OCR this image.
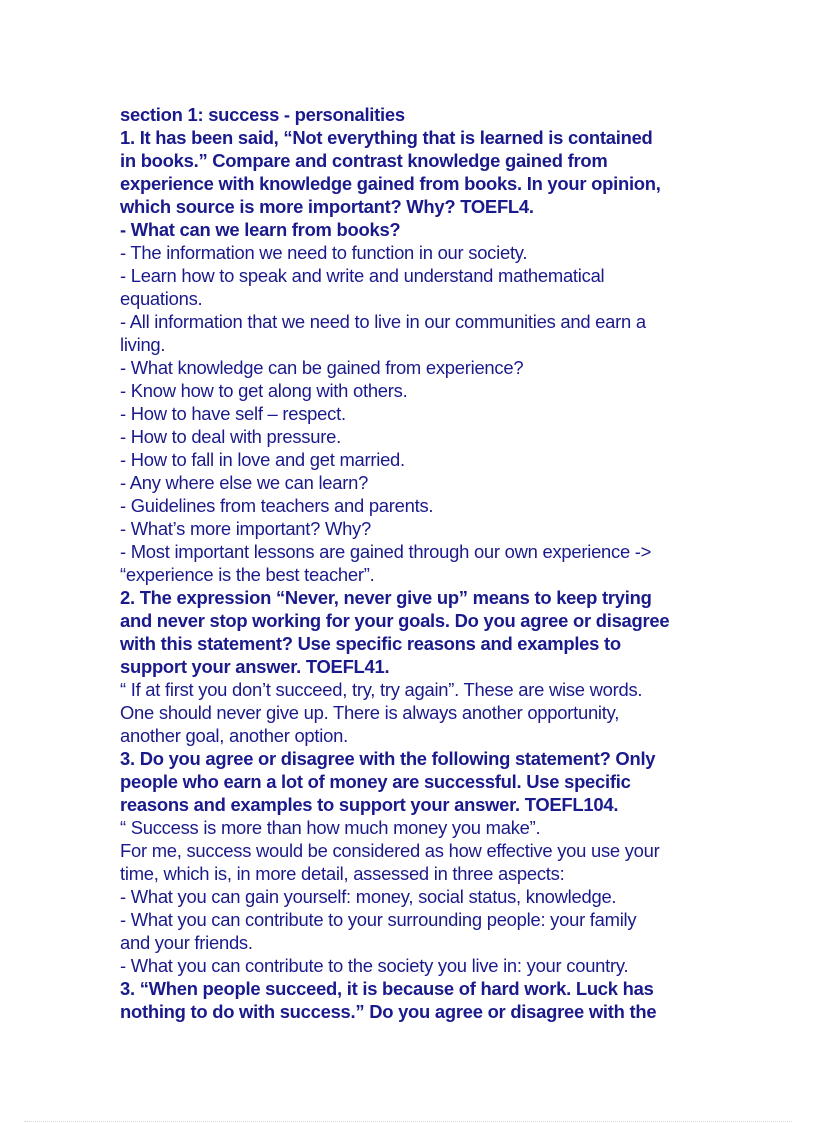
section 1: success - personalities
1. It has been said, “Not everything that is learned is contained
in books.” Compare and contrast knowledge gained from
experience with knowledge gained from books. In your opinion,
which source is more important? Why? TOEFL4.
- What can we learn from books?
- The information we need to function in our society.
- Learn how to speak and write and understand mathematical
equations.
- All information that we need to live in our communities and earn a
living.
- What knowledge can be gained from experience?
- Know how to get along with others.
- How to have self – respect.
- How to deal with pressure.
- How to fall in love and get married.
- Any where else we can learn?
- Guidelines from teachers and parents.
- What’s more important? Why?
- Most important lessons are gained through our own experience ->
“experience is the best teacher”.
2. The expression “Never, never give up” means to keep trying
and never stop working for your goals. Do you agree or disagree
with this statement? Use specific reasons and examples to
support your answer. TOEFL41.
“ If at first you don’t succeed, try, try again”. These are wise words.
One should never give up. There is always another opportunity,
another goal, another option.
3. Do you agree or disagree with the following statement? Only
people who earn a lot of money are successful. Use specific
reasons and examples to support your answer. TOEFL104.
“ Success is more than how much money you make”.
For me, success would be considered as how effective you use your
time, which is, in more detail, assessed in three aspects:
- What you can gain yourself: money, social status, knowledge.
- What you can contribute to your surrounding people: your family
and your friends.
- What you can contribute to the society you live in: your country.
3. “When people succeed, it is because of hard work. Luck has
nothing to do with success.” Do you agree or disagree with the
